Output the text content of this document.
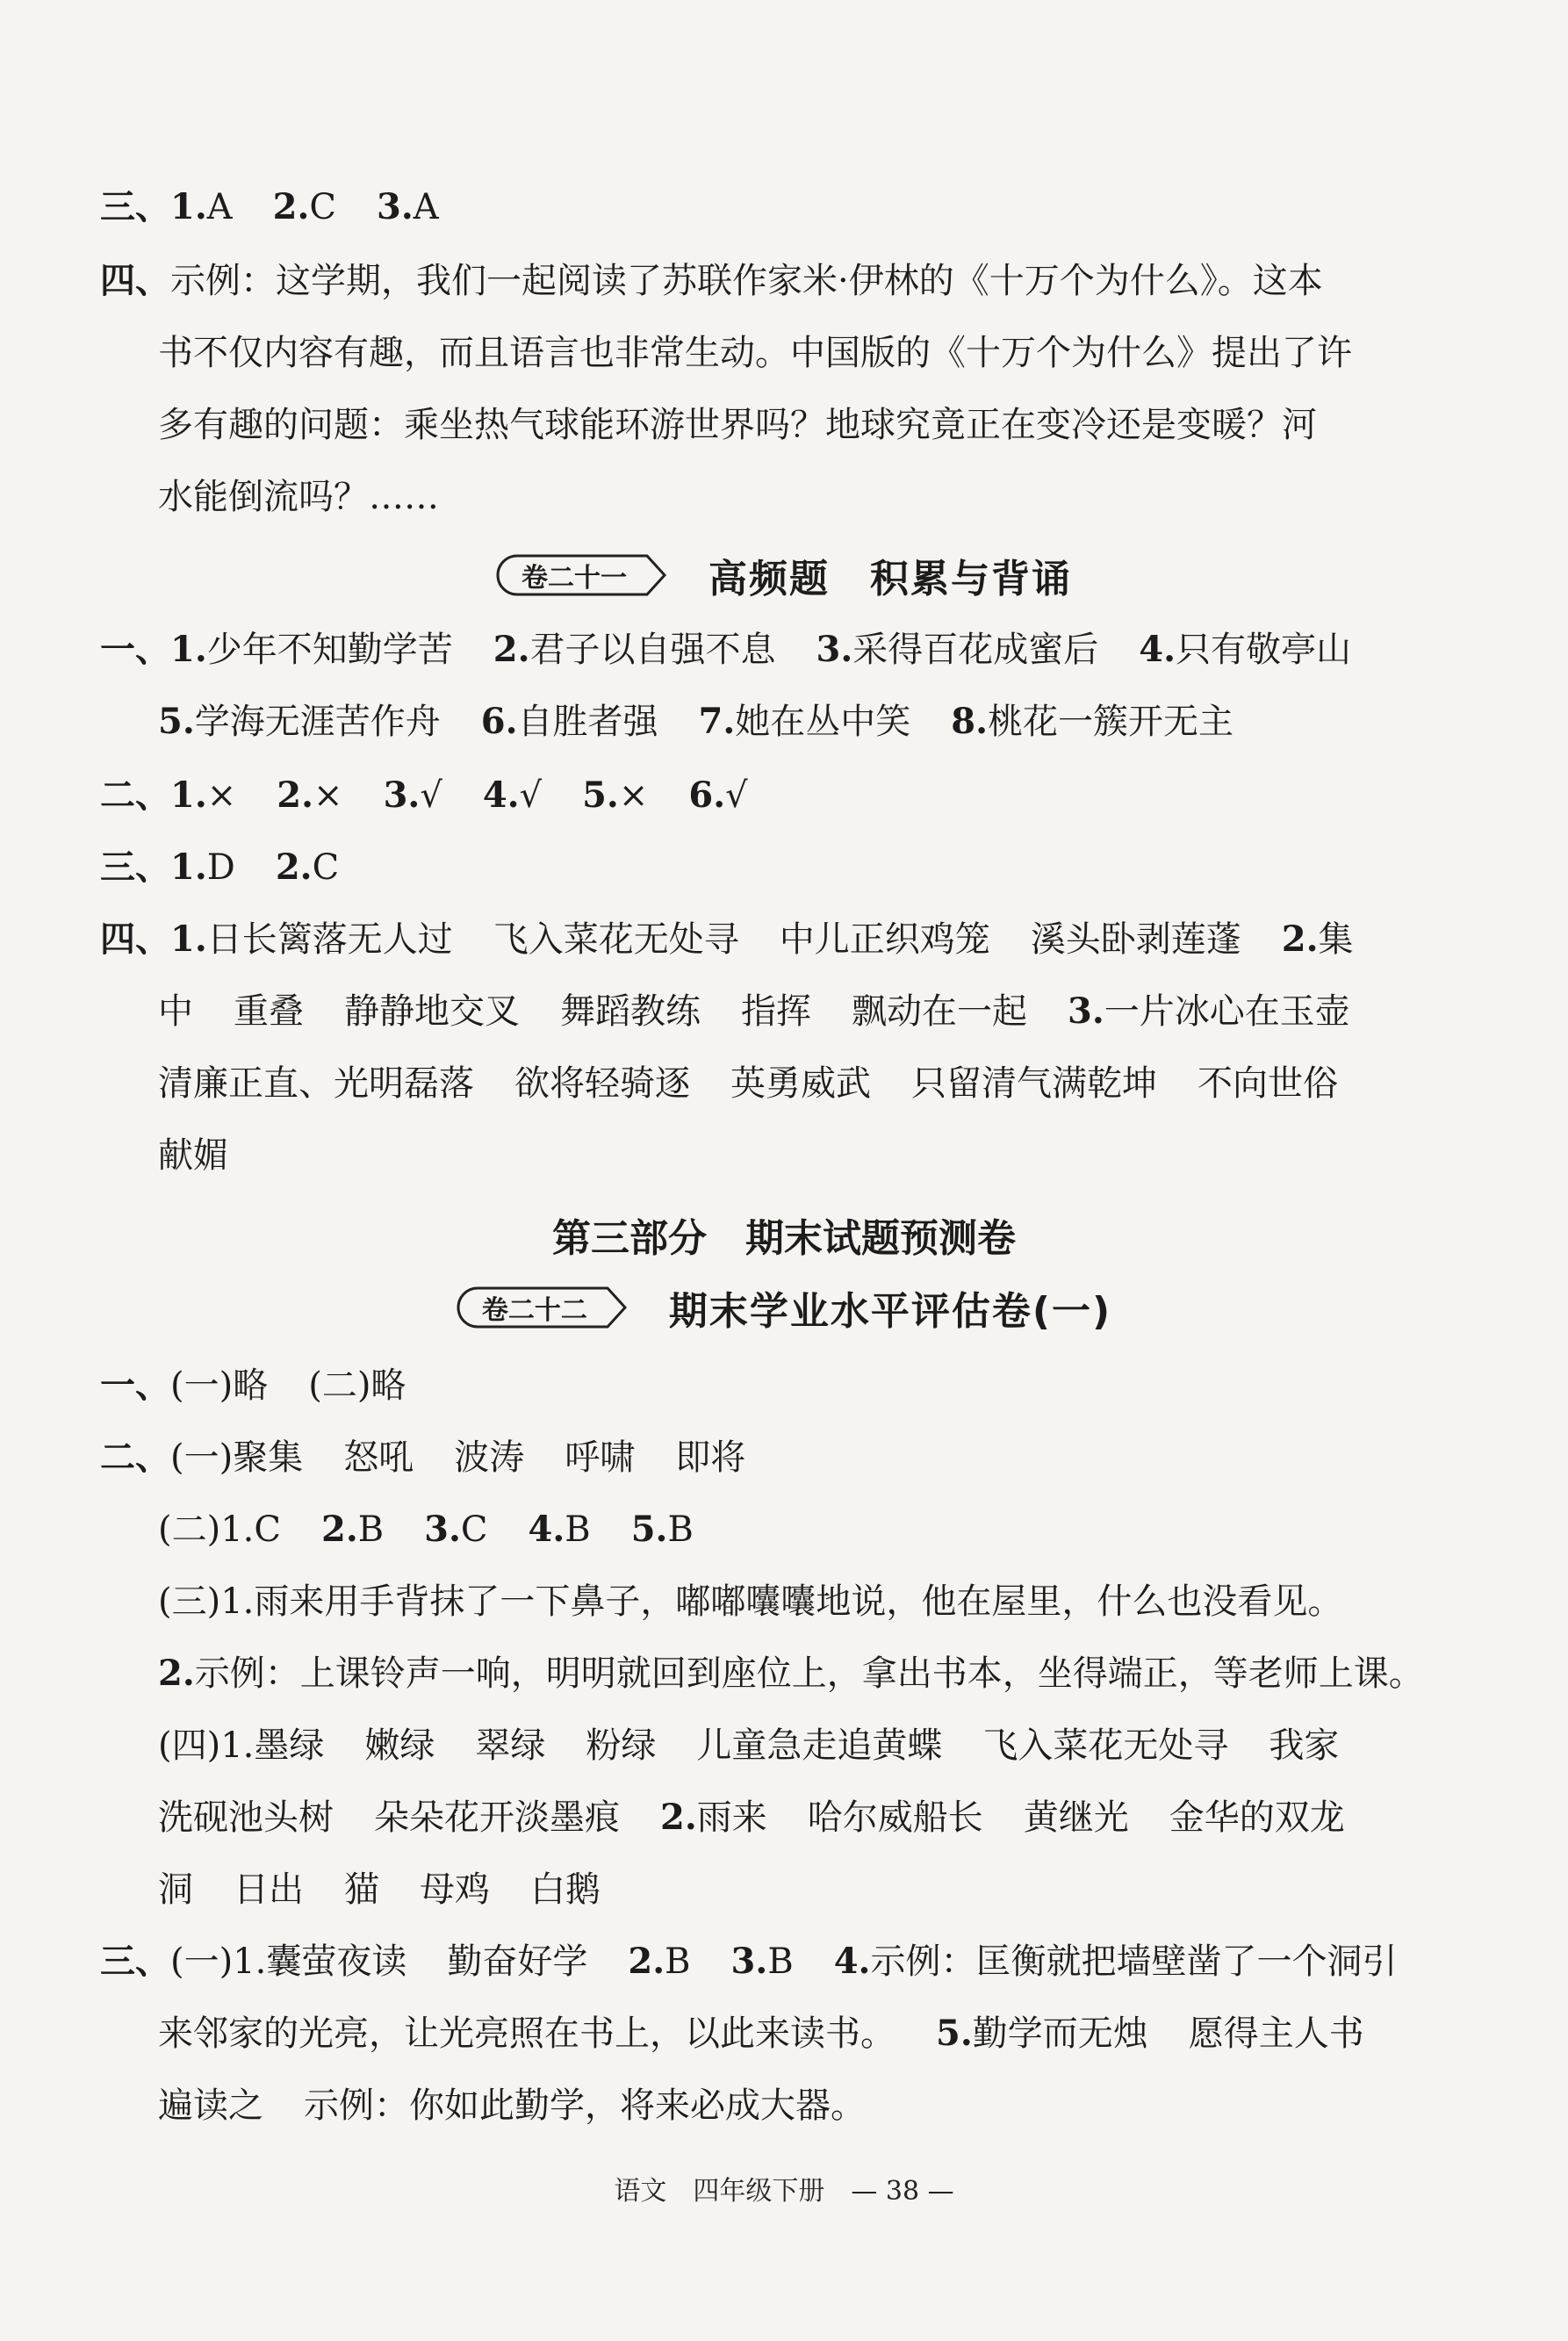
三、1.A 2.C 3.A
四、示例：这学期，我们一起阅读了苏联作家米·伊林的《十万个为什么》。这本
书不仅内容有趣，而且语言也非常生动。中国版的《十万个为什么》提出了许
多有趣的问题：乘坐热气球能环游世界吗？地球究竟正在变冷还是变暖？河
水能倒流吗？……
卷二十一	高频题　积累与背诵
一、1.少年不知勤学苦 2.君子以自强不息 3.采得百花成蜜后 4.只有敬亭山
5.学海无涯苦作舟 6.自胜者强 7.她在丛中笑 8.桃花一簇开无主
二、1.× 2.× 3.√ 4.√ 5.× 6.√
三、1.D 2.C
四、1.日长篱落无人过 飞入菜花无处寻 中儿正织鸡笼 溪头卧剥莲蓬 2.集
中 重叠 静静地交叉 舞蹈教练 指挥 飘动在一起 3.一片冰心在玉壶
清廉正直、光明磊落 欲将轻骑逐 英勇威武 只留清气满乾坤 不向世俗
献媚
第三部分　期末试题预测卷
卷二十二	期末学业水平评估卷(一)
一、(一)略 (二)略
二、(一)聚集 怒吼 波涛 呼啸 即将
(二)1.C 2.B 3.C 4.B 5.B
(三)1.雨来用手背抹了一下鼻子，嘟嘟囔囔地说，他在屋里，什么也没看见。
2.示例：上课铃声一响，明明就回到座位上，拿出书本，坐得端正，等老师上课。
(四)1.墨绿 嫩绿 翠绿 粉绿 儿童急走追黄蝶 飞入菜花无处寻 我家
洗砚池头树 朵朵花开淡墨痕 2.雨来 哈尔威船长 黄继光 金华的双龙
洞 日出 猫 母鸡 白鹅
三、(一)1.囊萤夜读 勤奋好学 2.B 3.B 4.示例：匡衡就把墙壁凿了一个洞引
来邻家的光亮，让光亮照在书上，以此来读书。 5.勤学而无烛 愿得主人书
遍读之 示例：你如此勤学，将来必成大器。
语文　四年级下册　— 38 —
